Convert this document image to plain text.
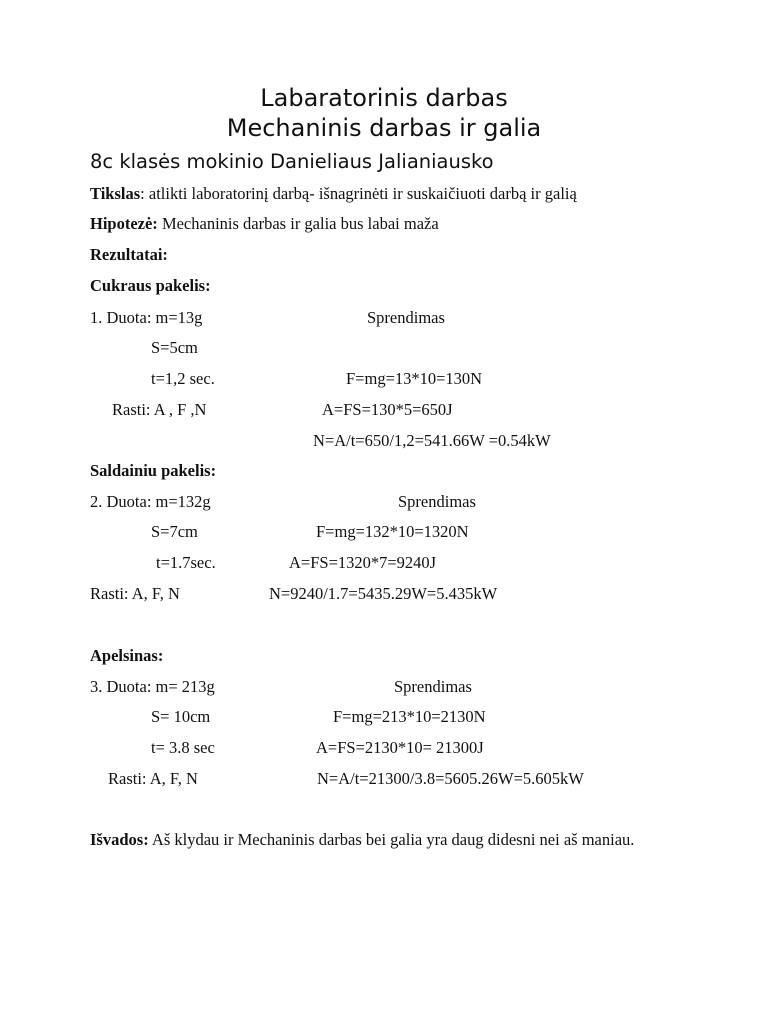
Labaratorinis darbas
Mechaninis darbas ir galia
8c klasės mokinio Danieliaus Jalianiausko
Tikslas: atlikti laboratorinį darbą- išnagrinėti ir suskaičiuoti darbą ir galią
Hipotezė: Mechaninis darbas ir galia bus labai maža
Rezultatai:
Cukraus pakelis:
1. Duota: m=13g	Sprendimas
S=5cm
t=1,2 sec.	F=mg=13*10=130N
Rasti: A , F ,N	A=FS=130*5=650J
N=A/t=650/1,2=541.66W =0.54kW
Saldainiu pakelis:
2. Duota: m=132g	Sprendimas
S=7cm	F=mg=132*10=1320N
t=1.7sec.	A=FS=1320*7=9240J
Rasti: A, F, N	N=9240/1.7=5435.29W=5.435kW
Apelsinas:
3. Duota: m= 213g	Sprendimas
S= 10cm	F=mg=213*10=2130N
t= 3.8 sec	A=FS=2130*10= 21300J
Rasti: A, F, N	N=A/t=21300/3.8=5605.26W=5.605kW
Išvados: Aš klydau ir Mechaninis darbas bei galia yra daug didesni nei aš maniau.
